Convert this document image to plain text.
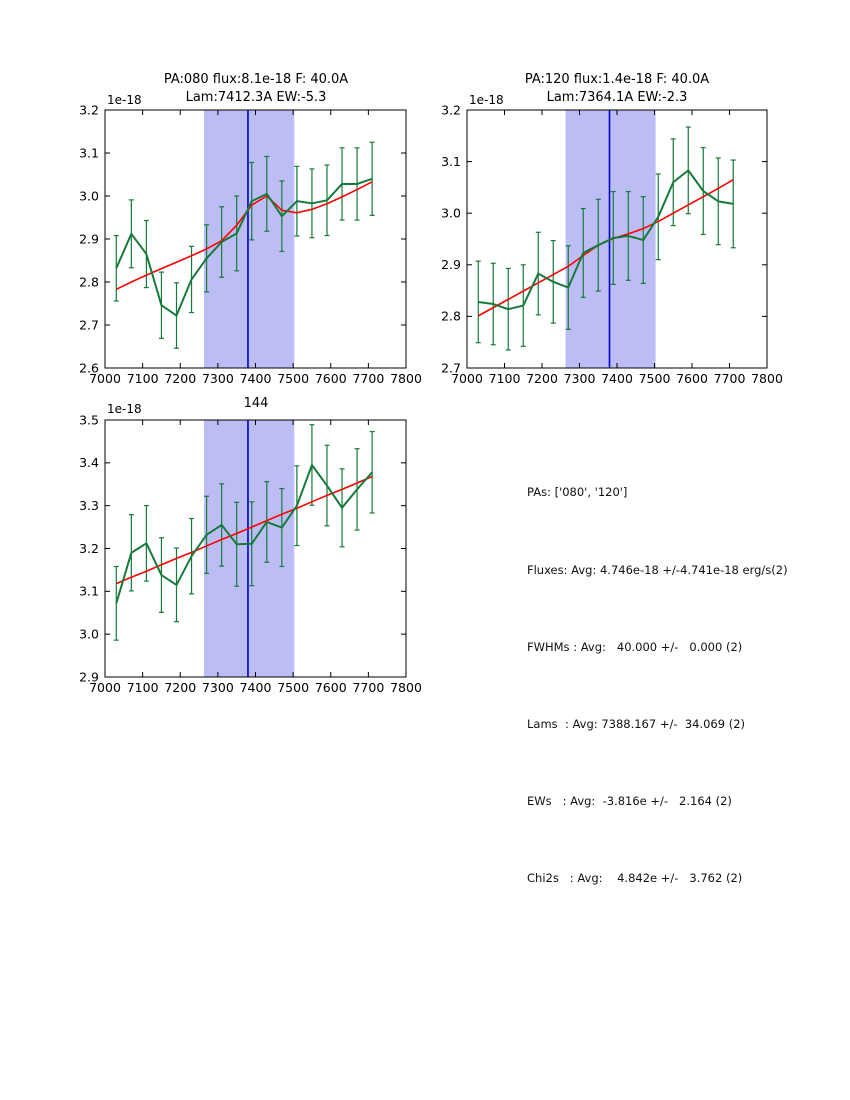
7000 7100 7200 7300 7400 7500 7600 7700 7800
2.6
2.7
2.8
2.9
3.0
3.1
3.2
7000 7100 7200 7300 7400 7500 7600 7700 7800
2.7
2.8
2.9
3.0
3.1
3.2
7000 7100 7200 7300 7400 7500 7600 7700 7800
2.9
3.0
3.1
3.2
3.3
3.4
3.5
PA:080 flux:8.1e-18 F: 40.0A
Lam:7412.3A EW:-5.3
PA:120 flux:1.4e-18 F: 40.0A
Lam:7364.1A EW:-2.3
144
1e-18	1e-18
1e-18

PAs: ['080', '120']

Fluxes: Avg: 4.746e-18 +/-4.741e-18 erg/s(2)

FWHMs : Avg:   40.000 +/-   0.000 (2)

Lams  : Avg: 7388.167 +/-  34.069 (2)

EWs   : Avg:  -3.816e +/-   2.164 (2)

Chi2s   : Avg:    4.842e +/-   3.762 (2)
